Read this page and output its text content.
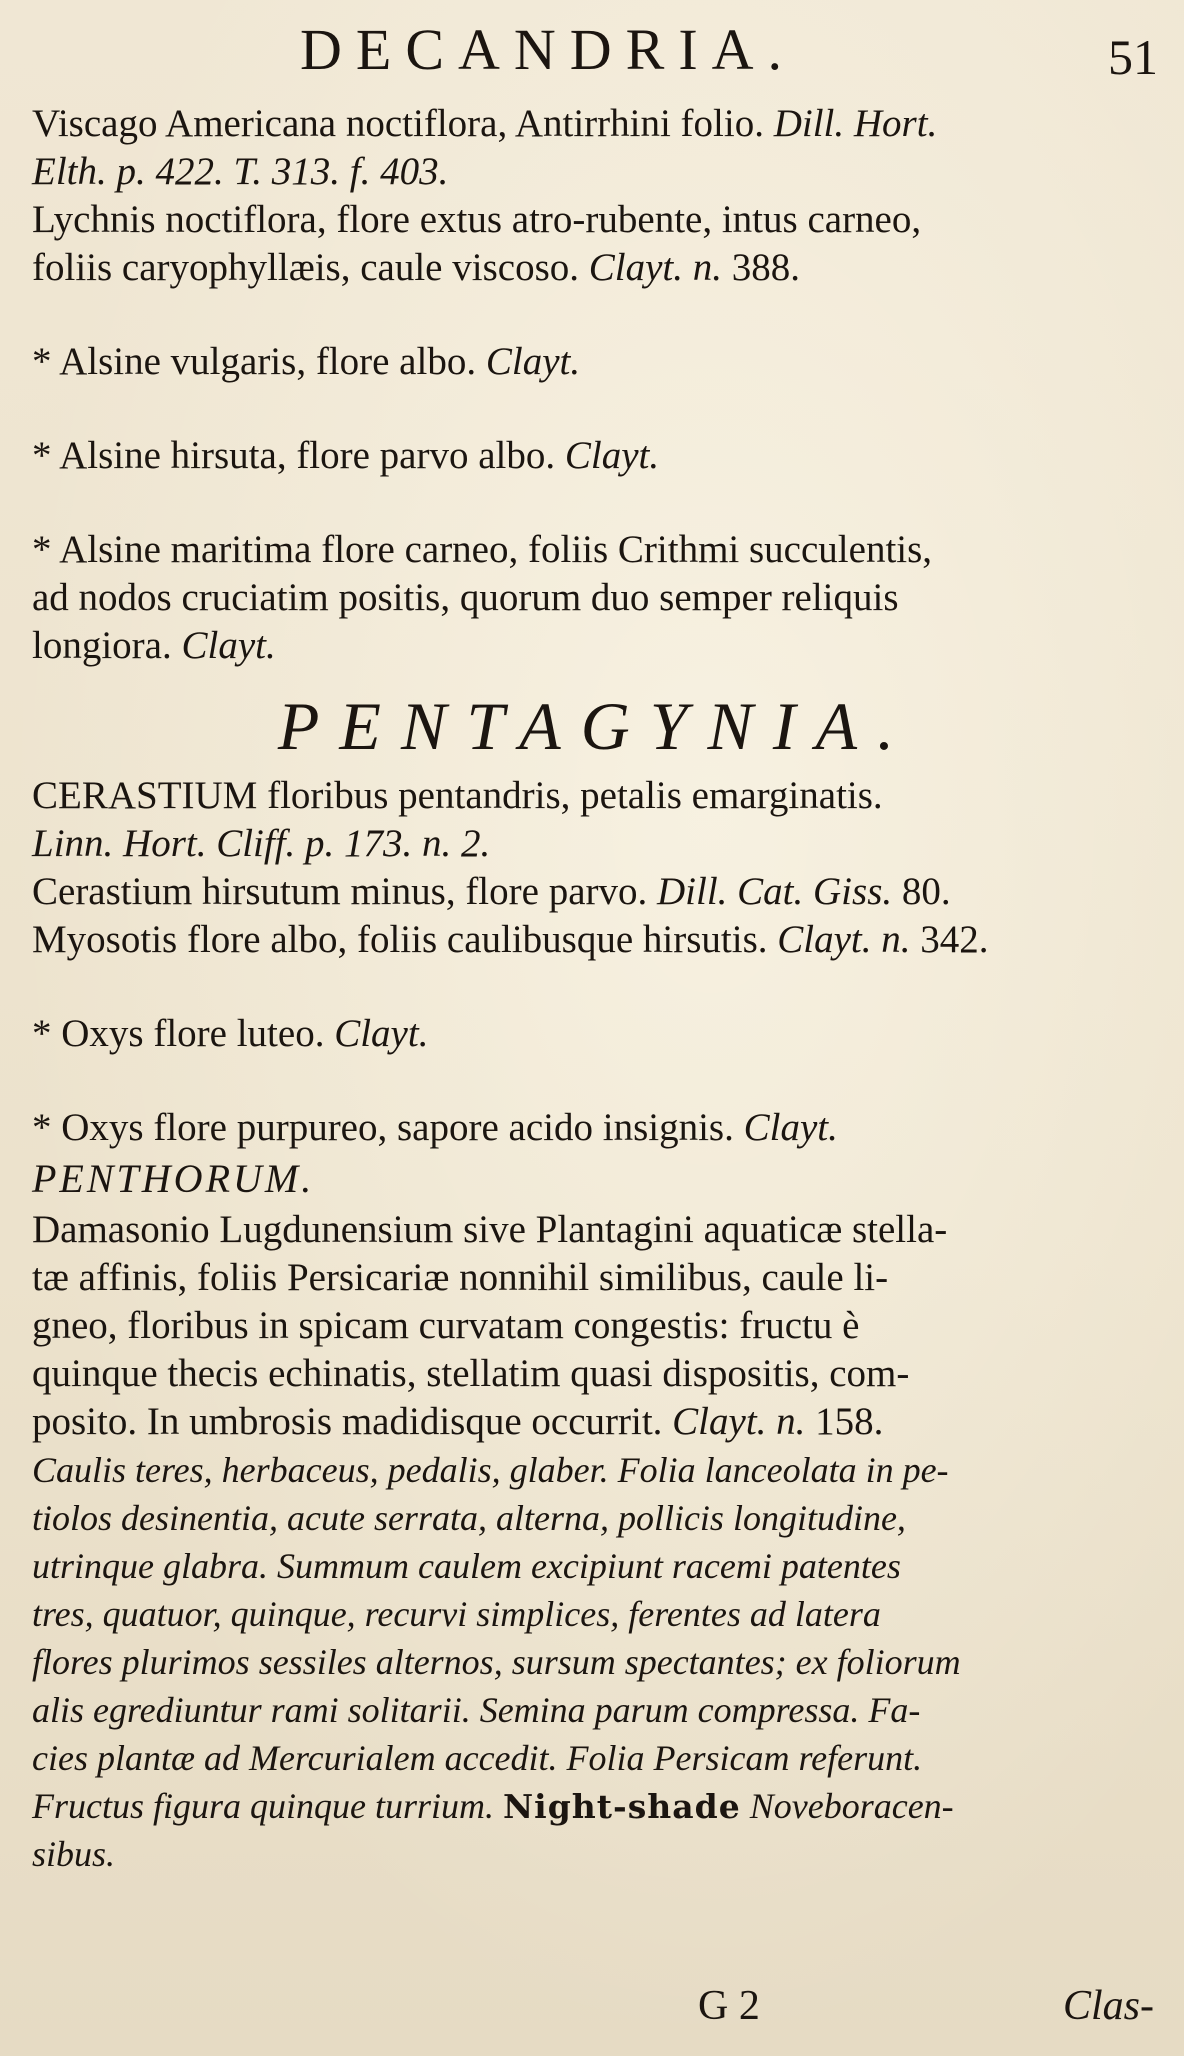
DECANDRIA.	51
Viscago Americana noctiflora, Antirrhini folio. Dill. Hort.
Elth. p. 422. T. 313. f. 403.
Lychnis noctiflora, flore extus atro-rubente, intus carneo,
foliis caryophyllæis, caule viscoso. Clayt. n. 388.
* Alsine vulgaris, flore albo. Clayt.
* Alsine hirsuta, flore parvo albo. Clayt.
* Alsine maritima flore carneo, foliis Crithmi succulentis,
ad nodos cruciatim positis, quorum duo semper reliquis
longiora. Clayt.
PENTAGYNIA.
CERASTIUM floribus pentandris, petalis emarginatis.
Linn. Hort. Cliff. p. 173. n. 2.
Cerastium hirsutum minus, flore parvo. Dill. Cat. Giss. 80.
Myosotis flore albo, foliis caulibusque hirsutis. Clayt. n. 342.
* Oxys flore luteo. Clayt.
* Oxys flore purpureo, sapore acido insignis. Clayt.
PENTHORUM.
Damasonio Lugdunensium sive Plantagini aquaticæ stella-
tæ affinis, foliis Persicariæ nonnihil similibus, caule li-
gneo, floribus in spicam curvatam congestis: fructu è
quinque thecis echinatis, stellatim quasi dispositis, com-
posito. In umbrosis madidisque occurrit. Clayt. n. 158.
Caulis teres, herbaceus, pedalis, glaber. Folia lanceolata in pe-
tiolos desinentia, acute serrata, alterna, pollicis longitudine,
utrinque glabra. Summum caulem excipiunt racemi patentes
tres, quatuor, quinque, recurvi simplices, ferentes ad latera
flores plurimos sessiles alternos, sursum spectantes; ex foliorum
alis egrediuntur rami solitarii. Semina parum compressa. Fa-
cies plantæ ad Mercurialem accedit. Folia Persicam referunt.
Fructus figura quinque turrium. Night-shade Noveboracen-
sibus.
G 2	Clas-
